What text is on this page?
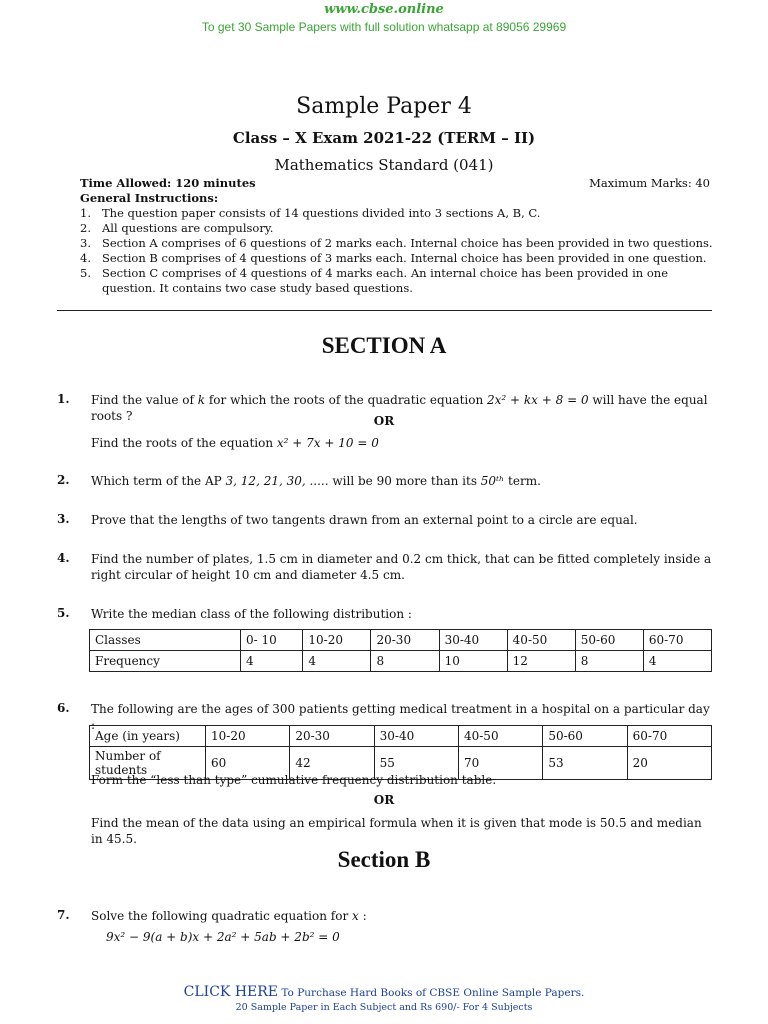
www.cbse.online
To get 30 Sample Papers with full solution whatsapp at 89056 29969
Sample Paper 4
Class – X Exam 2021-22 (TERM – II)
Mathematics Standard (041)
Time Allowed: 120 minutes	Maximum Marks: 40
General Instructions:
1. The question paper consists of 14 questions divided into 3 sections A, B, C.
2. All questions are compulsory.
3. Section A comprises of 6 questions of 2 marks each. Internal choice has been provided in two questions.
4. Section B comprises of 4 questions of 3 marks each. Internal choice has been provided in one question.
5. Section C comprises of 4 questions of 4 marks each. An internal choice has been provided in one question. It contains two case study based questions.
SECTION A
1. Find the value of k for which the roots of the quadratic equation 2x² + kx + 8 = 0 will have the equal roots ?	OR
Find the roots of the equation x² + 7x + 10 = 0
2. Which term of the AP 3, 12, 21, 30, ..... will be 90 more than its 50ᵗʰ term.
3. Prove that the lengths of two tangents drawn from an external point to a circle are equal.
4. Find the number of plates, 1.5 cm in diameter and 0.2 cm thick, that can be fitted completely inside a right circular of height 10 cm and diameter 4.5 cm.
5. Write the median class of the following distribution :
Classes	0- 10	10-20	20-30	30-40	40-50	50-60	60-70
Frequency	4	4	8	10	12	8	4
6. The following are the ages of 300 patients getting medical treatment in a hospital on a particular day :
Age (in years)	10-20	20-30	30-40	40-50	50-60	60-70
Number of students	60	42	55	70	53	20
Form the “less than type” cumulative frequency distribution table.
OR
Find the mean of the data using an empirical formula when it is given that mode is 50.5 and median in 45.5.
Section B
7. Solve the following quadratic equation for x :
9x² − 9(a + b)x + 2a² + 5ab + 2b² = 0
CLICK HERE To Purchase Hard Books of CBSE Online Sample Papers.
20 Sample Paper in Each Subject and Rs 690/- For 4 Subjects
